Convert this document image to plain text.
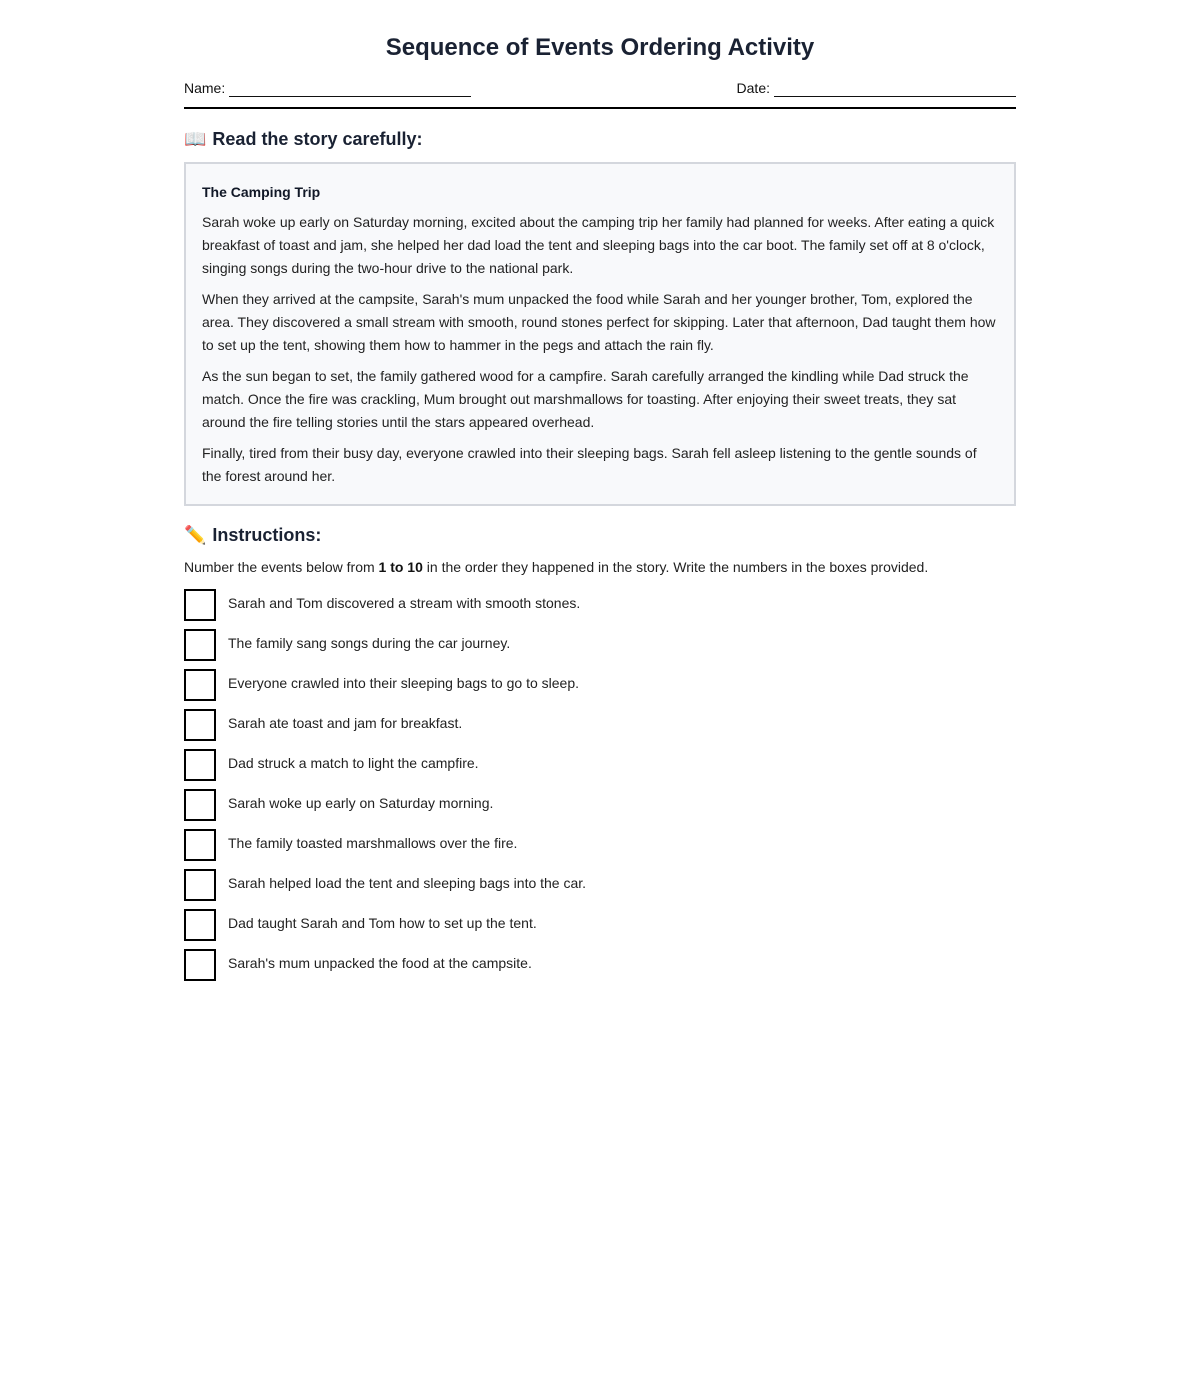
Sequence of Events Ordering Activity
Name:	Date:
📖 Read the story carefully:
The Camping Trip

Sarah woke up early on Saturday morning, excited about the camping trip her family had planned for weeks. After eating a quick breakfast of toast and jam, she helped her dad load the tent and sleeping bags into the car boot. The family set off at 8 o'clock, singing songs during the two-hour drive to the national park.

When they arrived at the campsite, Sarah's mum unpacked the food while Sarah and her younger brother, Tom, explored the area. They discovered a small stream with smooth, round stones perfect for skipping. Later that afternoon, Dad taught them how to set up the tent, showing them how to hammer in the pegs and attach the rain fly.

As the sun began to set, the family gathered wood for a campfire. Sarah carefully arranged the kindling while Dad struck the match. Once the fire was crackling, Mum brought out marshmallows for toasting. After enjoying their sweet treats, they sat around the fire telling stories until the stars appeared overhead.

Finally, tired from their busy day, everyone crawled into their sleeping bags. Sarah fell asleep listening to the gentle sounds of the forest around her.

✏️ Instructions:

Number the events below from 1 to 10 in the order they happened in the story. Write the numbers in the boxes provided.

Sarah and Tom discovered a stream with smooth stones.
The family sang songs during the car journey.
Everyone crawled into their sleeping bags to go to sleep.
Sarah ate toast and jam for breakfast.
Dad struck a match to light the campfire.
Sarah woke up early on Saturday morning.
The family toasted marshmallows over the fire.
Sarah helped load the tent and sleeping bags into the car.
Dad taught Sarah and Tom how to set up the tent.
Sarah's mum unpacked the food at the campsite.
